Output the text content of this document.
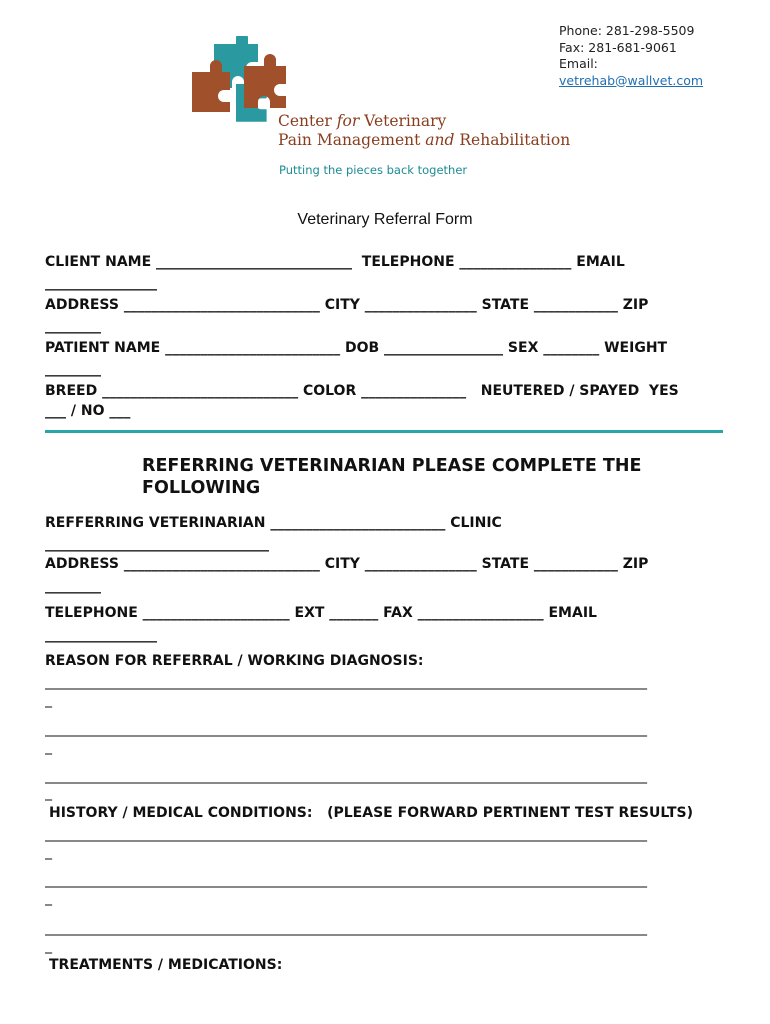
Phone: 281-298-5509
Fax: 281-681-9061
Email:
vetrehab@wallvet.com
Center for Veterinary
Pain Management and Rehabilitation
Putting the pieces back together
Veterinary Referral Form
CLIENT NAME ____________________________  TELEPHONE ________________ EMAIL
________________
ADDRESS ____________________________ CITY ________________ STATE ____________ ZIP
________
PATIENT NAME _________________________ DOB _________________ SEX ________ WEIGHT
________
BREED ____________________________ COLOR _______________   NEUTERED / SPAYED  YES
___ / NO ___
REFERRING VETERINARIAN PLEASE COMPLETE THE FOLLOWING
REFFERRING VETERINARIAN _________________________ CLINIC
________________________________
ADDRESS ____________________________ CITY ________________ STATE ____________ ZIP
________
TELEPHONE _____________________ EXT _______ FAX __________________ EMAIL
________________
REASON FOR REFERRAL / WORKING DIAGNOSIS:
______________________________________________________________________________________
_
______________________________________________________________________________________
_
______________________________________________________________________________________
_
HISTORY / MEDICAL CONDITIONS:   (PLEASE FORWARD PERTINENT TEST RESULTS)
______________________________________________________________________________________
_
______________________________________________________________________________________
_
______________________________________________________________________________________
_
TREATMENTS / MEDICATIONS:
